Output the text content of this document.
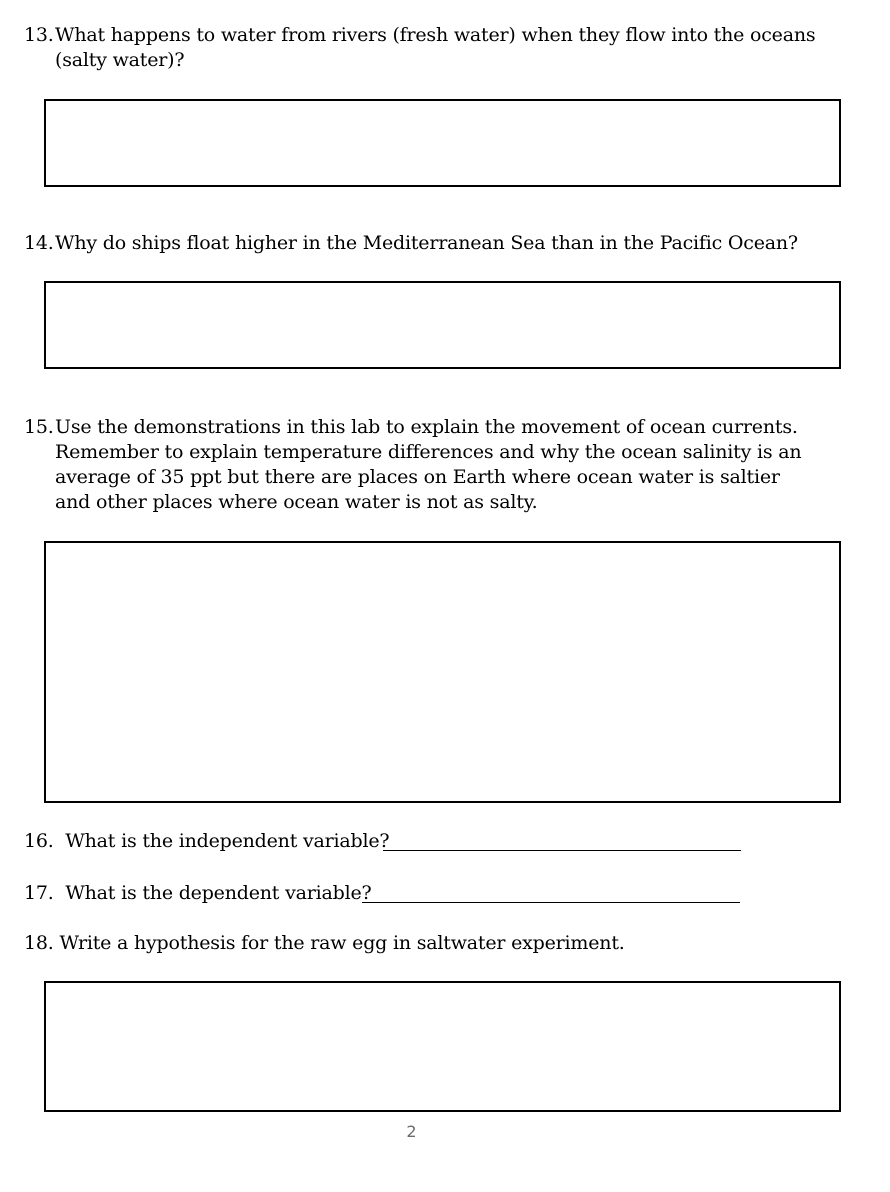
13. What happens to water from rivers (fresh water) when they flow into the oceans (salty water)?
14. Why do ships float higher in the Mediterranean Sea than in the Pacific Ocean?
15. Use the demonstrations in this lab to explain the movement of ocean currents. Remember to explain temperature differences and why the ocean salinity is an average of 35 ppt but there are places on Earth where ocean water is saltier and other places where ocean water is not as salty.
16. What is the independent variable?
17. What is the dependent variable?
18. Write a hypothesis for the raw egg in saltwater experiment.
2
